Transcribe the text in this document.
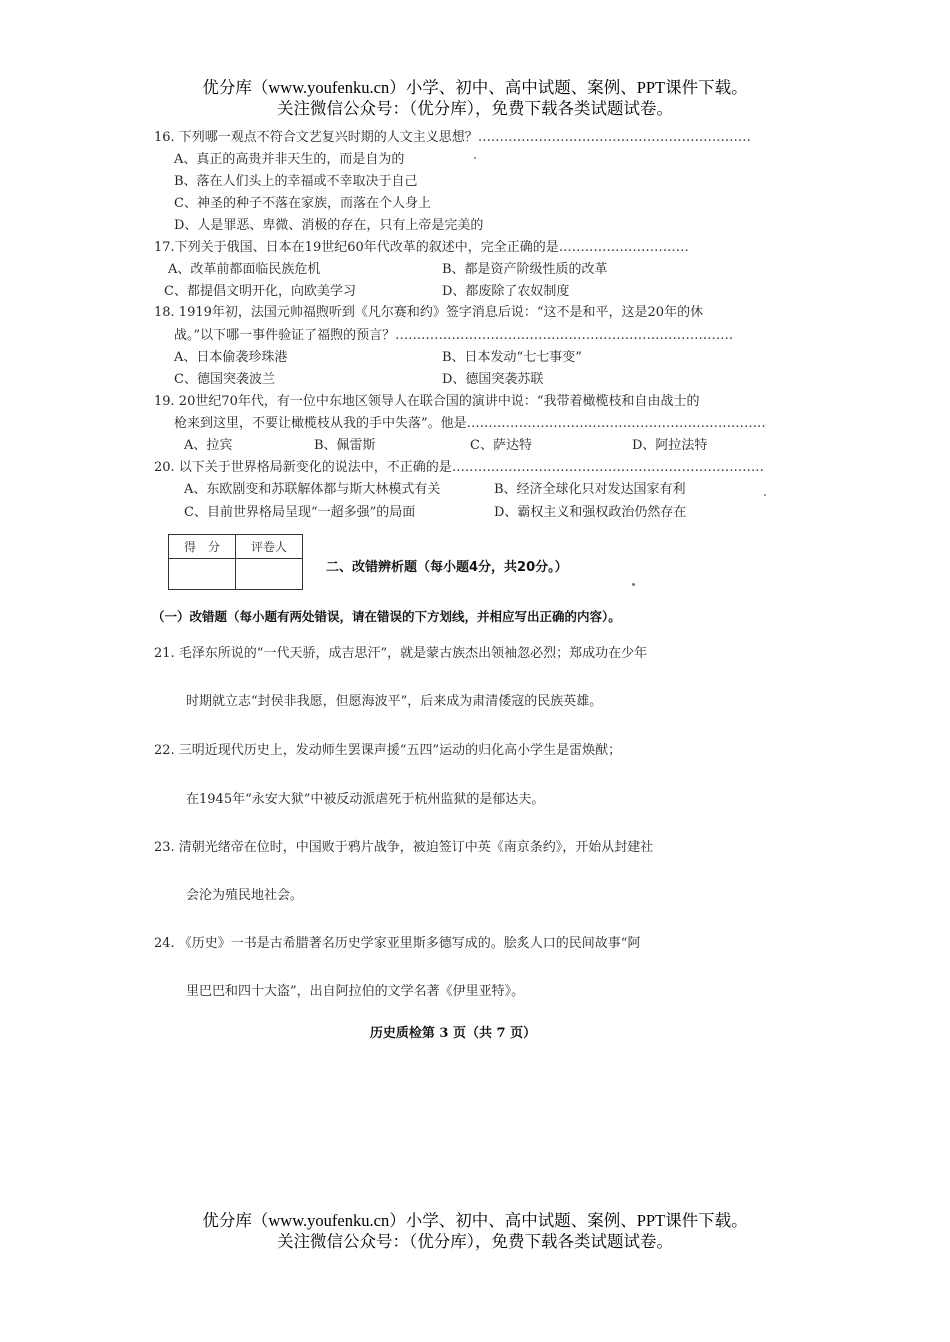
优分库（www.youfenku.cn）小学、初中、高中试题、案例、PPT课件下载。
关注微信公众号：（优分库），免费下载各类试题试卷。
16. 下列哪一观点不符合文艺复兴时期的人文主义思想？………………………………………………………
A、真正的高贵并非天生的，而是自为的
B、落在人们头上的幸福或不幸取决于自己
C、神圣的种子不落在家族，而落在个人身上
D、人是罪恶、卑微、消极的存在，只有上帝是完美的
17.下列关于俄国、日本在19世纪60年代改革的叙述中，完全正确的是…………………………
A、改革前都面临民族危机	B、都是资产阶级性质的改革
C、都提倡文明开化，向欧美学习	D、都废除了农奴制度
18. 1919年初，法国元帅福煦听到《凡尔赛和约》签字消息后说：“这不是和平，这是20年的休
战。”以下哪一事件验证了福煦的预言？……………………………………………………………………
A、日本偷袭珍珠港	B、日本发动“七七事变”
C、德国突袭波兰	D、德国突袭苏联
19. 20世纪70年代，有一位中东地区领导人在联合国的演讲中说：“我带着橄榄枝和自由战士的
枪来到这里，不要让橄榄枝从我的手中失落”。他是……………………………………………………………
A、拉宾	B、佩雷斯	C、萨达特	D、阿拉法特
20. 以下关于世界格局新变化的说法中，不正确的是………………………………………………………………
A、东欧剧变和苏联解体都与斯大林模式有关	B、经济全球化只对发达国家有利
C、目前世界格局呈现“一超多强”的局面	D、霸权主义和强权政治仍然存在
得　分	评卷人

二、改错辨析题（每小题4分，共20分。）
（一）改错题（每小题有两处错误，请在错误的下方划线，并相应写出正确的内容）。
21. 毛泽东所说的“一代天骄，成吉思汗”，就是蒙古族杰出领袖忽必烈；郑成功在少年
时期就立志“封侯非我愿，但愿海波平”，后来成为肃清倭寇的民族英雄。
22. 三明近现代历史上，发动师生罢课声援“五四”运动的归化高小学生是雷焕猷；
在1945年“永安大狱”中被反动派虐死于杭州监狱的是郁达夫。
23. 清朝光绪帝在位时，中国败于鸦片战争，被迫签订中英《南京条约》，开始从封建社
会沦为殖民地社会。
24. 《历史》一书是古希腊著名历史学家亚里斯多德写成的。脍炙人口的民间故事“阿
里巴巴和四十大盗”，出自阿拉伯的文学名著《伊里亚特》。
历史质检第 3 页（共 7 页）
优分库（www.youfenku.cn）小学、初中、高中试题、案例、PPT课件下载。
关注微信公众号：（优分库），免费下载各类试题试卷。
